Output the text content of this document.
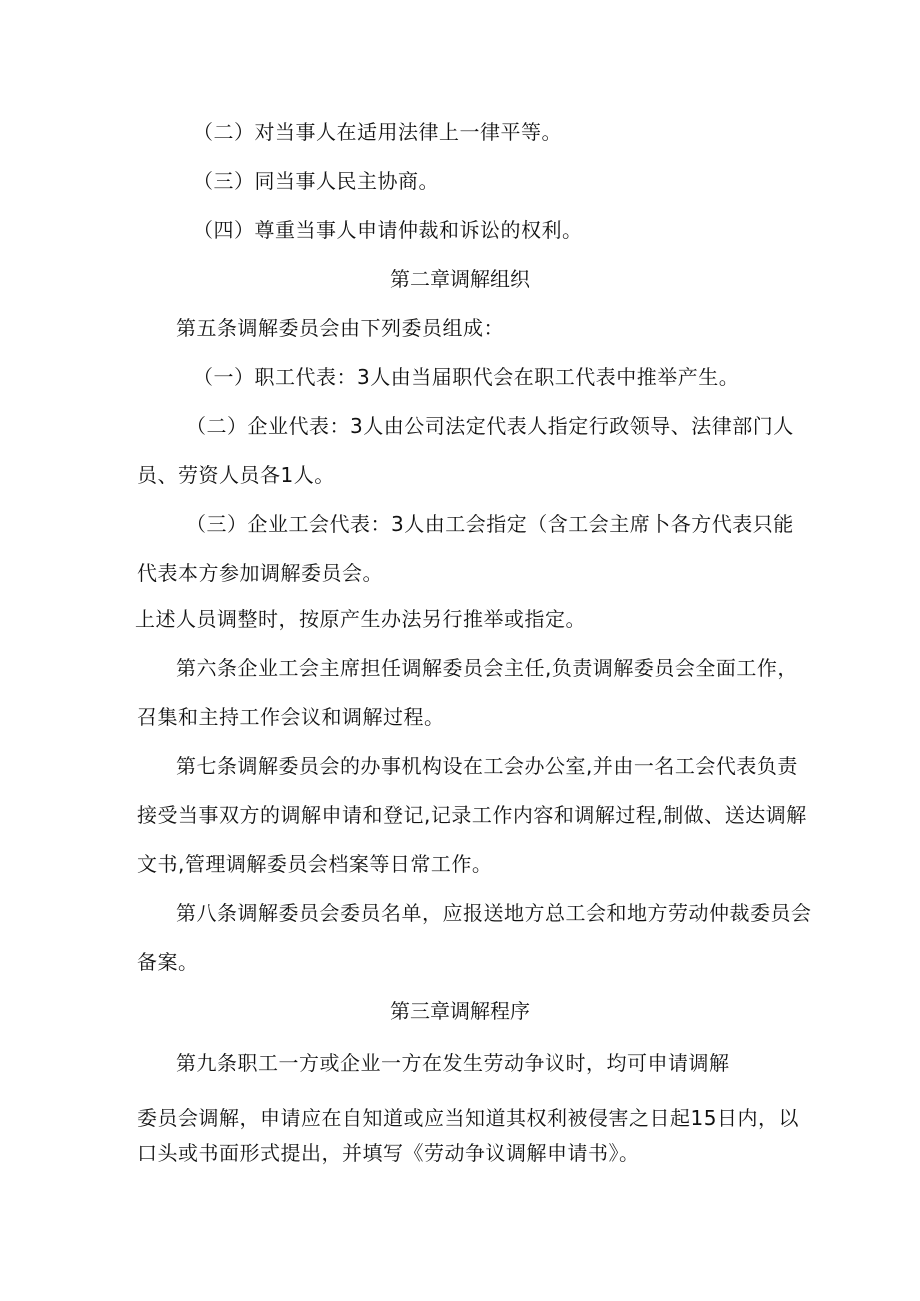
（二）对当事人在适用法律上一律平等。
（三）同当事人民主协商。
（四）尊重当事人申请仲裁和诉讼的权利。
第二章调解组织
第五条调解委员会由下列委员组成：
（一）职工代表：3人由当届职代会在职工代表中推举产生。
（二）企业代表：3人由公司法定代表人指定行政领导、法律部门人
员、劳资人员各1人。
（三）企业工会代表：3人由工会指定（含工会主席卜各方代表只能
代表本方参加调解委员会。
上述人员调整时，按原产生办法另行推举或指定。
第六条企业工会主席担任调解委员会主任,负责调解委员会全面工作，
召集和主持工作会议和调解过程。
第七条调解委员会的办事机构设在工会办公室,并由一名工会代表负责
接受当事双方的调解申请和登记,记录工作内容和调解过程,制做、送达调解
文书,管理调解委员会档案等日常工作。
第八条调解委员会委员名单，应报送地方总工会和地方劳动仲裁委员会
备案。
第三章调解程序
第九条职工一方或企业一方在发生劳动争议时，均可申请调解
委员会调解，申请应在自知道或应当知道其权利被侵害之日起15日内，以
口头或书面形式提出，并填写《劳动争议调解申请书》。
